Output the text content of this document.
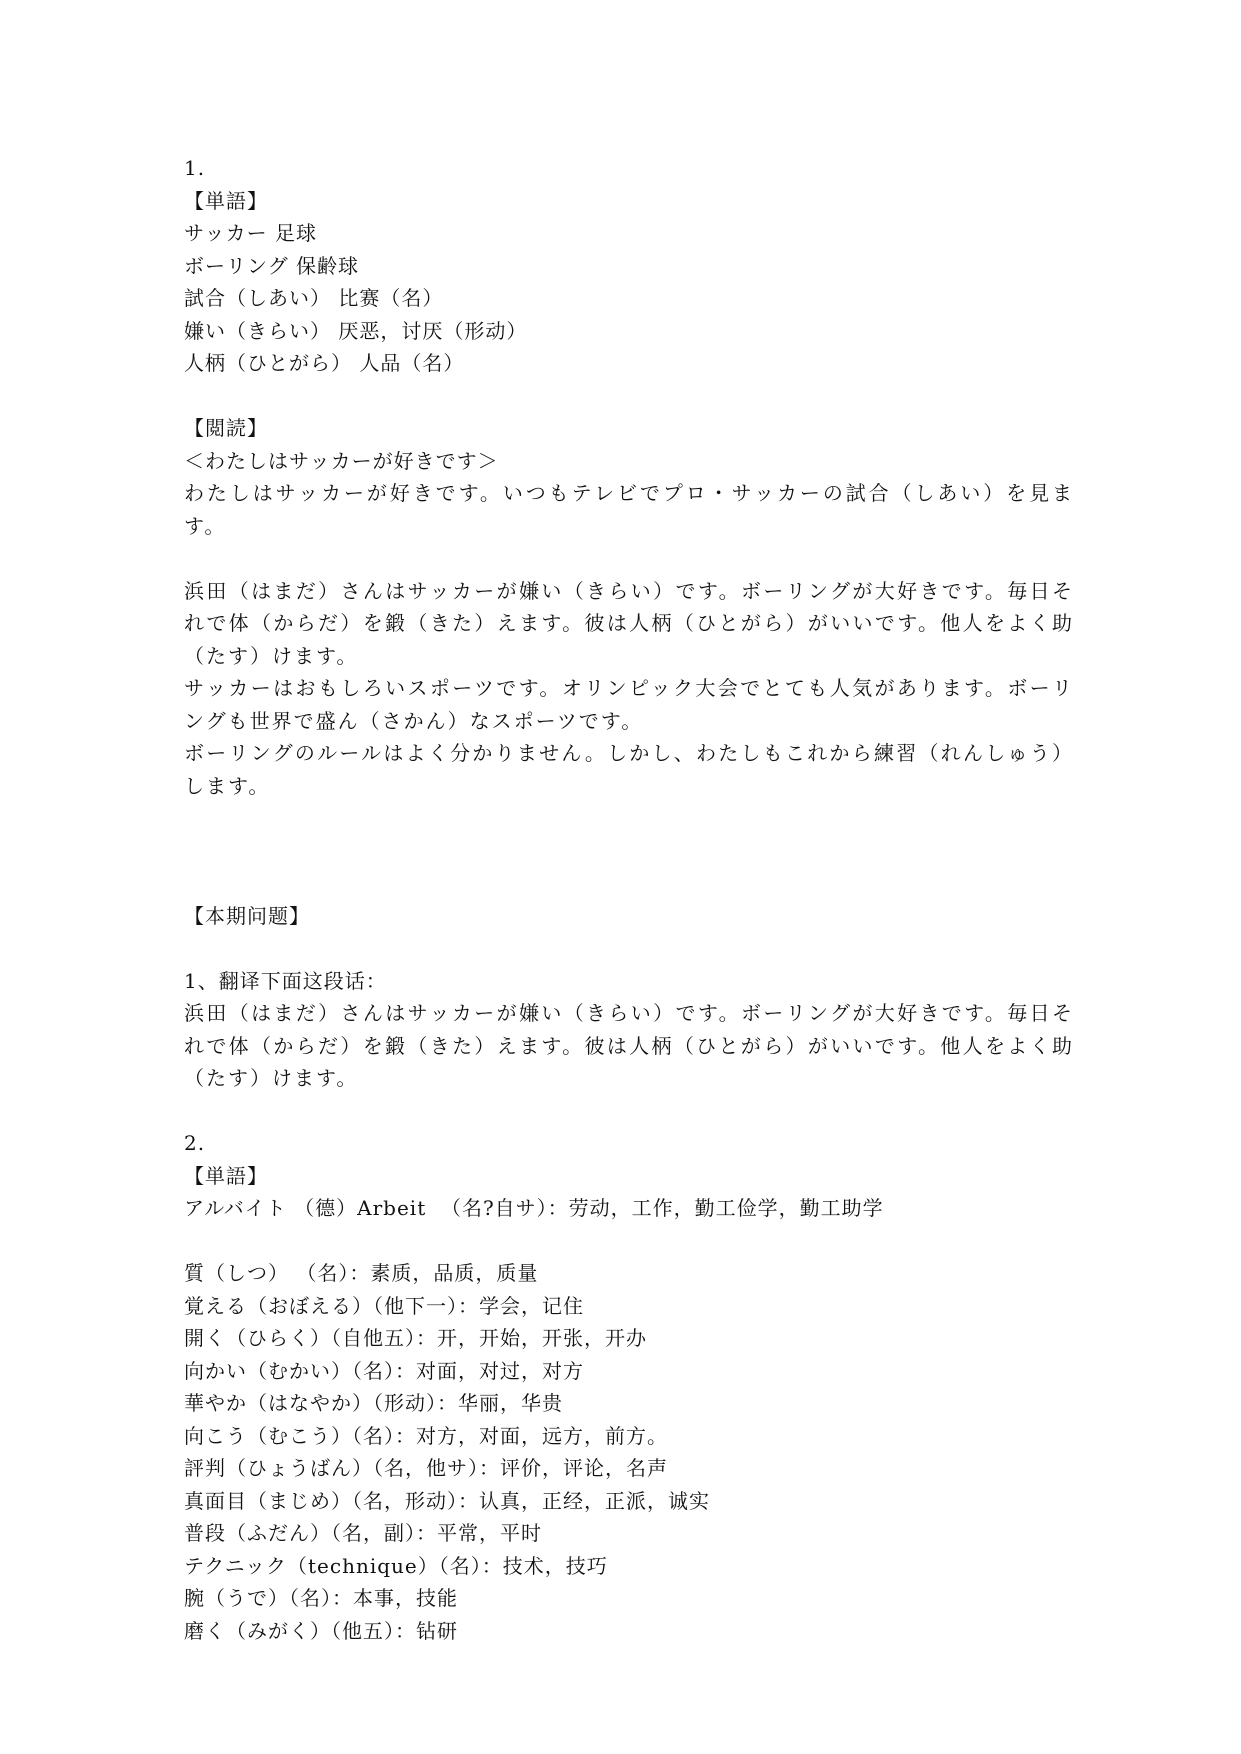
1.
【単語】
サッカー 足球
ボーリング 保齢球
試合（しあい） 比赛（名）
嫌い（きらい） 厌恶，讨厌（形动）
人柄（ひとがら） 人品（名）
【閲読】
＜わたしはサッカーが好きです＞
わたしはサッカーが好きです。いつもテレビでプロ・サッカーの試合（しあい）を見ます。
浜田（はまだ）さんはサッカーが嫌い（きらい）です。ボーリングが大好きです。毎日それで体（からだ）を鍛（きた）えます。彼は人柄（ひとがら）がいいです。他人をよく助（たす）けます。
サッカーはおもしろいスポーツです。オリンピック大会でとても人気があります。ボーリングも世界で盛ん（さかん）なスポーツです。
ボーリングのルールはよく分かりません。しかし、わたしもこれから練習（れんしゅう）します。
【本期问题】
1、翻译下面这段话：
浜田（はまだ）さんはサッカーが嫌い（きらい）です。ボーリングが大好きです。毎日それで体（からだ）を鍛（きた）えます。彼は人柄（ひとがら）がいいです。他人をよく助（たす）けます。
2.
【単語】
アルバイト （德）Arbeit  （名?自サ）：劳动，工作，勤工俭学，勤工助学
質（しつ） （名）：素质，品质，质量
覚える（おぼえる）（他下一）：学会，记住
開く（ひらく）（自他五）：开，开始，开张，开办
向かい（むかい）（名）：对面，对过，对方
華やか（はなやか）（形动）：华丽，华贵
向こう（むこう）（名）：对方，对面，远方，前方。
評判（ひょうばん）（名，他サ）：评价，评论，名声
真面目（まじめ）（名，形动）：认真，正经，正派，诚实
普段（ふだん）（名，副）：平常，平时
テクニック（technique）（名）：技术，技巧
腕（うで）（名）：本事，技能
磨く（みがく）（他五）：钻研
